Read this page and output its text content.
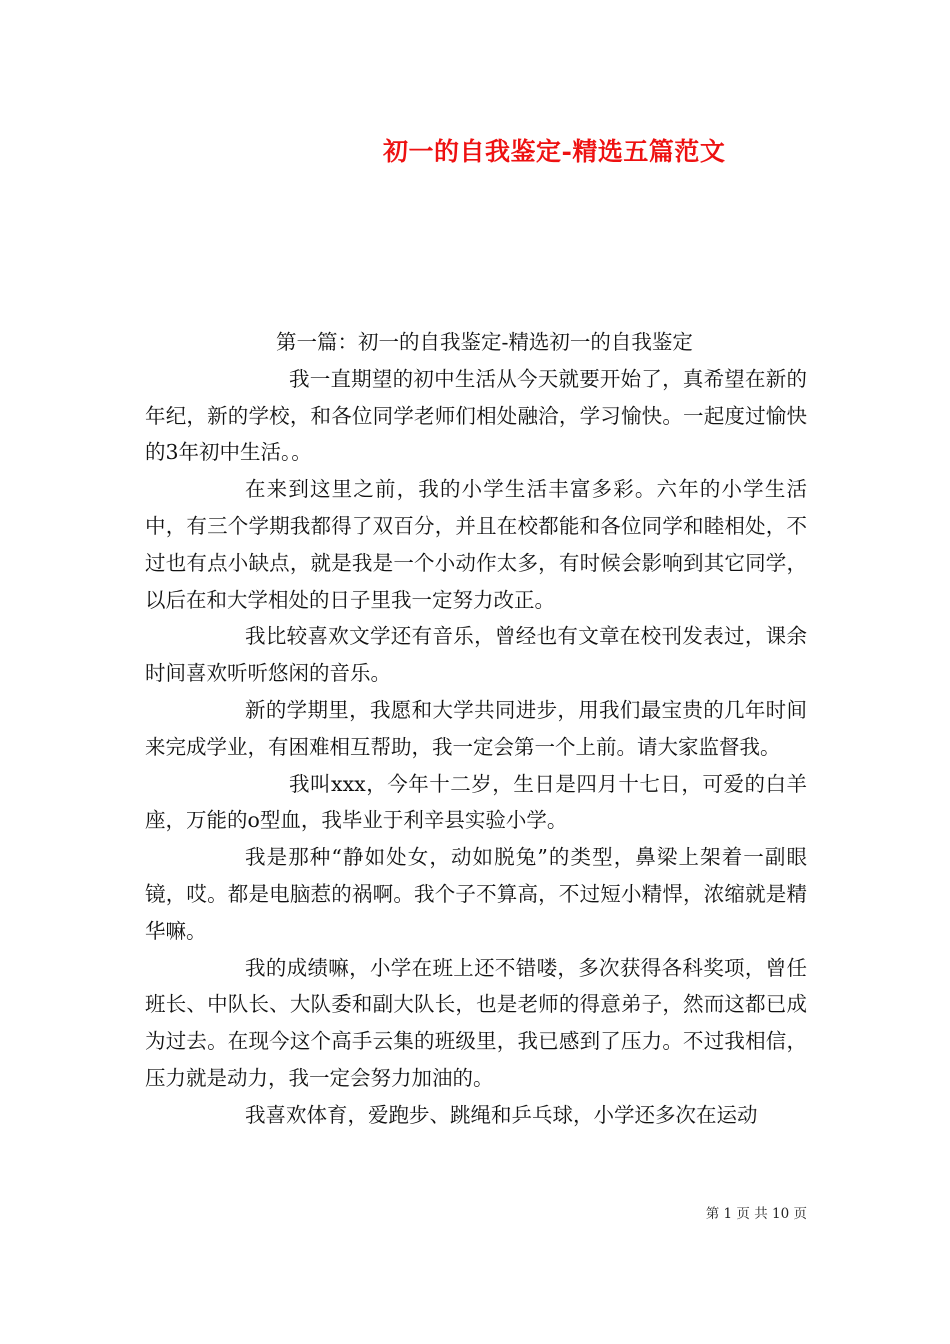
初一的自我鉴定-精选五篇范文

第一篇：初一的自我鉴定-精选初一的自我鉴定

我一直期望的初中生活从今天就要开始了，真希望在新的年纪，新的学校，和各位同学老师们相处融洽，学习愉快。一起度过愉快的3年初中生活。。

在来到这里之前，我的小学生活丰富多彩。六年的小学生活中，有三个学期我都得了双百分，并且在校都能和各位同学和睦相处，不过也有点小缺点，就是我是一个小动作太多，有时候会影响到其它同学，以后在和大学相处的日子里我一定努力改正。

我比较喜欢文学还有音乐，曾经也有文章在校刊发表过，课余时间喜欢听听悠闲的音乐。

新的学期里，我愿和大学共同进步，用我们最宝贵的几年时间来完成学业，有困难相互帮助，我一定会第一个上前。请大家监督我。

我叫xxx，今年十二岁，生日是四月十七日，可爱的白羊座，万能的o型血，我毕业于利辛县实验小学。

我是那种“静如处女，动如脱兔”的类型，鼻梁上架着一副眼镜，哎。都是电脑惹的祸啊。我个子不算高，不过短小精悍，浓缩就是精华嘛。

我的成绩嘛，小学在班上还不错喽，多次获得各科奖项，曾任班长、中队长、大队委和副大队长，也是老师的得意弟子，然而这都已成为过去。在现今这个高手云集的班级里，我已感到了压力。不过我相信，压力就是动力，我一定会努力加油的。

我喜欢体育，爱跑步、跳绳和乒乓球，小学还多次在运动

第 1 页 共 10 页
